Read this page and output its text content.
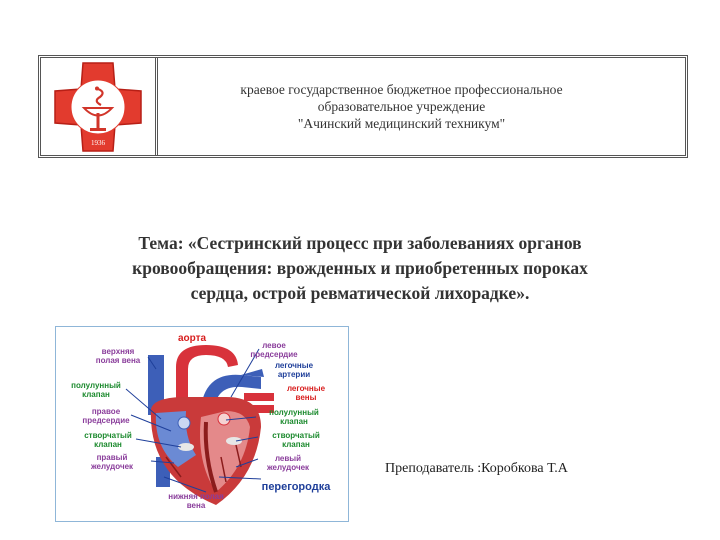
1936
краевое государственное бюджетное профессиональное
образовательное учреждение
"Ачинский медицинский техникум"
Тема: «Сестринский процесс при заболеваниях органов
кровообращения: врожденных и приобретенных пороках
сердца, острой ревматической лихорадке».
верхняя
полая вена
полулунный
клапан
правое
предсердие
створчатый
клапан
правый
желудочек
нижняя полая
вена
аорта
левое
предсердие
легочные
артерии
легочные
вены
полулунный
клапан
створчатый
клапан
левый
желудочек
перегородка
Преподаватель :Коробкова Т.А
